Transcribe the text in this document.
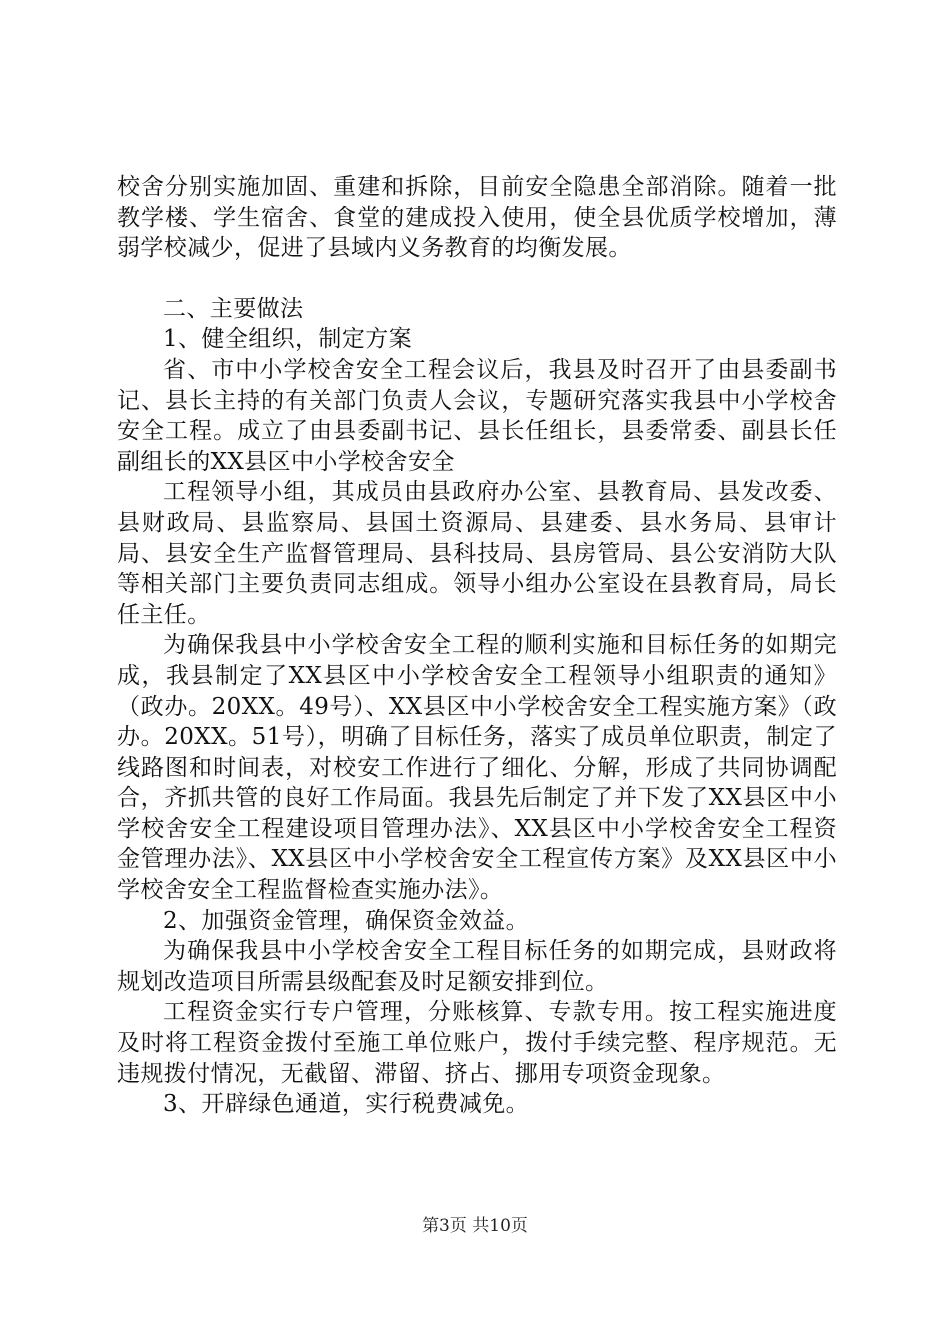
校舍分别实施加固、重建和拆除，目前安全隐患全部消除。随着一批教学楼、学生宿舍、食堂的建成投入使用，使全县优质学校增加，薄弱学校减少，促进了县域内义务教育的均衡发展。

二、主要做法

1、健全组织，制定方案

省、市中小学校舍安全工程会议后，我县及时召开了由县委副书记、县长主持的有关部门负责人会议，专题研究落实我县中小学校舍安全工程。成立了由县委副书记、县长任组长，县委常委、副县长任副组长的XX县区中小学校舍安全

工程领导小组，其成员由县政府办公室、县教育局、县发改委、县财政局、县监察局、县国土资源局、县建委、县水务局、县审计局、县安全生产监督管理局、县科技局、县房管局、县公安消防大队等相关部门主要负责同志组成。领导小组办公室设在县教育局，局长任主任。

为确保我县中小学校舍安全工程的顺利实施和目标任务的如期完成，我县制定了XX县区中小学校舍安全工程领导小组职责的通知》（政办。20XX。49号）、XX县区中小学校舍安全工程实施方案》（政办。20XX。51号），明确了目标任务，落实了成员单位职责，制定了线路图和时间表，对校安工作进行了细化、分解，形成了共同协调配合，齐抓共管的良好工作局面。我县先后制定了并下发了XX县区中小学校舍安全工程建设项目管理办法》、XX县区中小学校舍安全工程资金管理办法》、XX县区中小学校舍安全工程宣传方案》及XX县区中小学校舍安全工程监督检查实施办法》。

2、加强资金管理，确保资金效益。

为确保我县中小学校舍安全工程目标任务的如期完成，县财政将规划改造项目所需县级配套及时足额安排到位。

工程资金实行专户管理，分账核算、专款专用。按工程实施进度及时将工程资金拨付至施工单位账户，拨付手续完整、程序规范。无违规拨付情况，无截留、滞留、挤占、挪用专项资金现象。

3、开辟绿色通道，实行税费减免。

第3页 共10页
